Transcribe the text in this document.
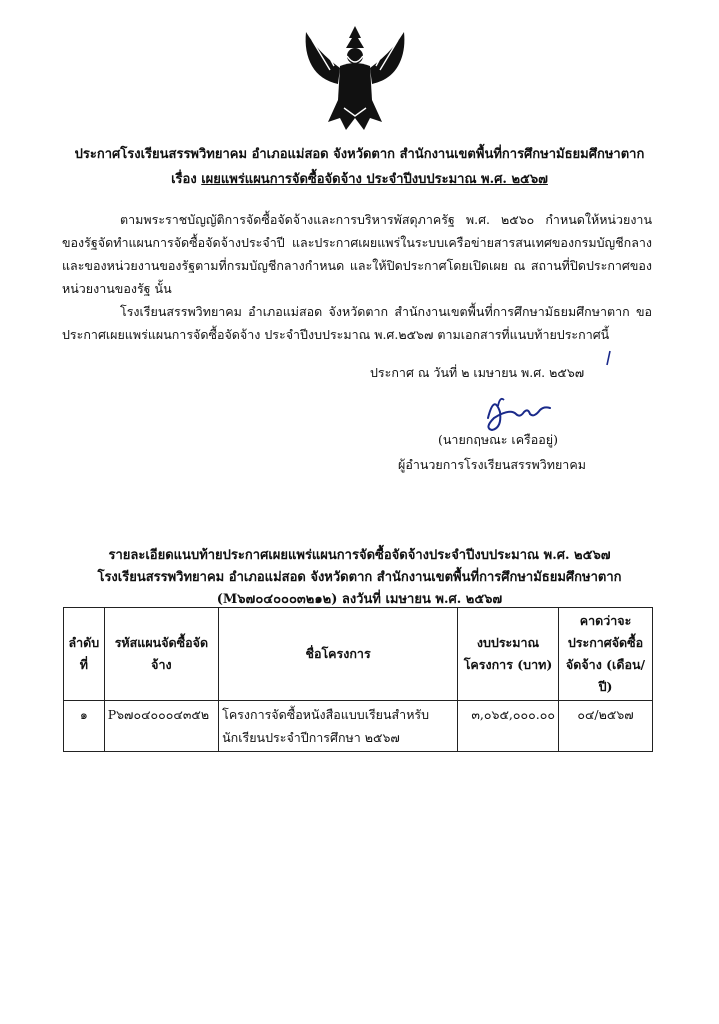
ประกาศโรงเรียนสรรพวิทยาคม อำเภอแม่สอด จังหวัดตาก สำนักงานเขตพื้นที่การศึกษามัธยมศึกษาตาก
เรื่อง เผยแพร่แผนการจัดซื้อจัดจ้าง ประจำปีงบประมาณ พ.ศ. ๒๕๖๗

ตามพระราชบัญญัติการจัดซื้อจัดจ้างและการบริหารพัสดุภาครัฐ พ.ศ. ๒๕๖๐ กำหนดให้หน่วยงานของรัฐจัดทำแผนการจัดซื้อจัดจ้างประจำปี และประกาศเผยแพร่ในระบบเครือข่ายสารสนเทศของกรมบัญชีกลางและของหน่วยงานของรัฐตามที่กรมบัญชีกลางกำหนด และให้ปิดประกาศโดยเปิดเผย ณ สถานที่ปิดประกาศของหน่วยงานของรัฐ นั้น

โรงเรียนสรรพวิทยาคม อำเภอแม่สอด จังหวัดตาก สำนักงานเขตพื้นที่การศึกษามัธยมศึกษาตาก ขอประกาศเผยแพร่แผนการจัดซื้อจัดจ้าง ประจำปีงบประมาณ พ.ศ.๒๕๖๗ ตามเอกสารที่แนบท้ายประกาศนี้

ประกาศ ณ วันที่ ๒ เมษายน พ.ศ. ๒๕๖๗
(นายกฤษณะ เครืออยู่)
ผู้อำนวยการโรงเรียนสรรพวิทยาคม
รายละเอียดแนบท้ายประกาศเผยแพร่แผนการจัดซื้อจัดจ้างประจำปีงบประมาณ พ.ศ. ๒๕๖๗
โรงเรียนสรรพวิทยาคม อำเภอแม่สอด จังหวัดตาก สำนักงานเขตพื้นที่การศึกษามัธยมศึกษาตาก
(M๖๗๐๔๐๐๐๓๒๑๒) ลงวันที่ เมษายน พ.ศ. ๒๕๖๗
ลำดับที่	รหัสแผนจัดซื้อจัดจ้าง	ชื่อโครงการ	งบประมาณโครงการ (บาท)	คาดว่าจะประกาศจัดซื้อจัดจ้าง (เดือน/ปี)
๑	P๖๗๐๔๐๐๐๔๓๕๒	โครงการจัดซื้อหนังสือแบบเรียนสำหรับนักเรียนประจำปีการศึกษา ๒๕๖๗	๓,๐๖๕,๐๐๐.๐๐	๐๔/๒๕๖๗
